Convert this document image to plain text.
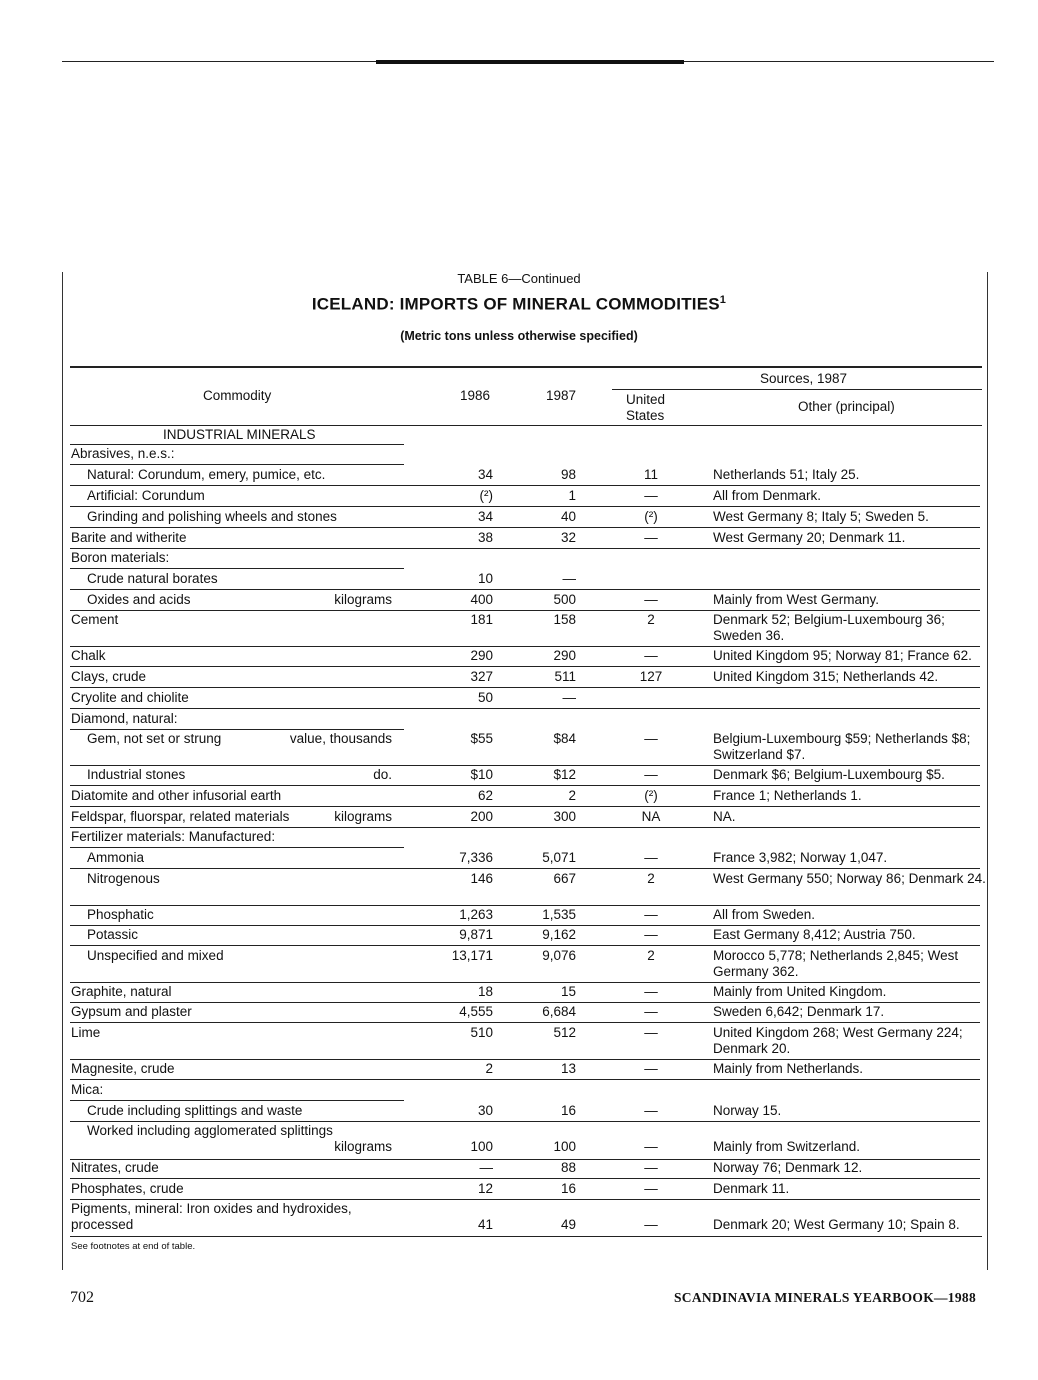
TABLE 6—Continued
ICELAND: IMPORTS OF MINERAL COMMODITIES$^1$
(Metric tons unless otherwise specified)
Commodity	1986	1987
Sources, 1987
United States
Other (principal)
INDUSTRIAL MINERALS
Abrasives, n.e.s.:
Natural: Corundum, emery, pumice, etc.	34	98	11	Netherlands 51; Italy 25.
Artificial: Corundum	(²)	1	—	All from Denmark.
Grinding and polishing wheels and stones	34	40	(²)	West Germany 8; Italy 5; Sweden 5.
Barite and witherite	38	32	—	West Germany 20; Denmark 11.
Boron materials:
Crude natural borates	10	—
Oxides and acids	kilograms	400	500	—	Mainly from West Germany.
Cement	181	158	2	Denmark 52; Belgium-Luxembourg 36; Sweden 36.
Chalk	290	290	—	United Kingdom 95; Norway 81; France 62.
Clays, crude	327	511	127	United Kingdom 315; Netherlands 42.
Cryolite and chiolite	50	—
Diamond, natural:
Gem, not set or strung	value, thousands	$55	$84	—	Belgium-Luxembourg $59; Netherlands $8; Switzerland $7.
Industrial stones	do.	$10	$12	—	Denmark $6; Belgium-Luxembourg $5.
Diatomite and other infusorial earth	62	2	(²)	France 1; Netherlands 1.
Feldspar, fluorspar, related materials	kilograms	200	300	NA	NA.
Fertilizer materials: Manufactured:
Ammonia	7,336	5,071	—	France 3,982; Norway 1,047.
Nitrogenous	146	667	2	West Germany 550; Norway 86; Denmark 24.
Phosphatic	1,263	1,535	—	All from Sweden.
Potassic	9,871	9,162	—	East Germany 8,412; Austria 750.
Unspecified and mixed	13,171	9,076	2	Morocco 5,778; Netherlands 2,845; West Germany 362.
Graphite, natural	18	15	—	Mainly from United Kingdom.
Gypsum and plaster	4,555	6,684	—	Sweden 6,642; Denmark 17.
Lime	510	512	—	United Kingdom 268; West Germany 224; Denmark 20.
Magnesite, crude	2	13	—	Mainly from Netherlands.
Mica:
Crude including splittings and waste	30	16	—	Norway 15.
Worked including agglomerated splittings
kilograms	100	100	—	Mainly from Switzerland.
Nitrates, crude	—	88	—	Norway 76; Denmark 12.
Phosphates, crude	12	16	—	Denmark 11.
Pigments, mineral: Iron oxides and hydroxides, processed	41	49	—	Denmark 20; West Germany 10; Spain 8.
See footnotes at end of table.
702	SCANDINAVIA MINERALS YEARBOOK—1988
